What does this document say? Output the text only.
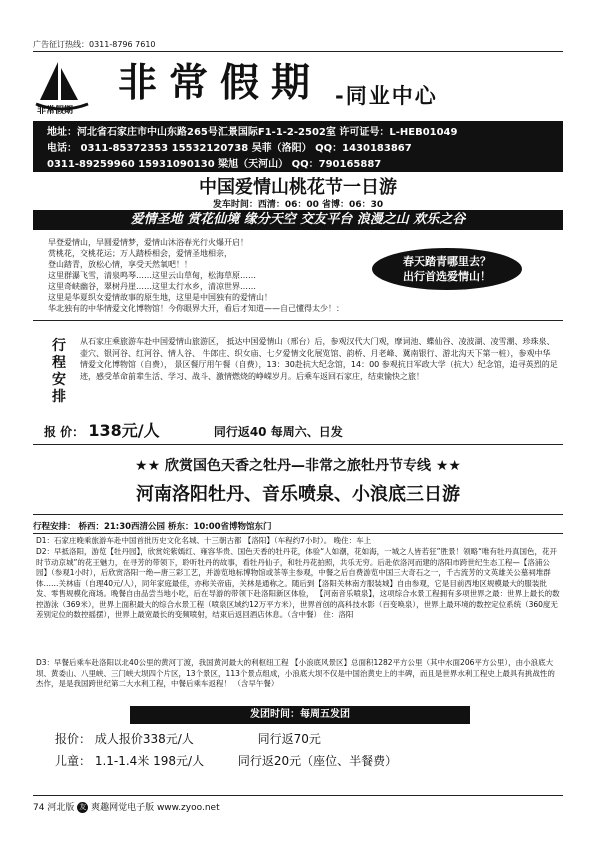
广告征订热线：0311-8796 7610
非常假期
非常假期 -同业中心
地址：河北省石家庄市中山东路265号汇景国际F1-1-2-2502室 许可证号：L-HEB01049
电话： 0311-85372353 15532120738 吴菲（洛阳） QQ：1430183867
0311-89259960 15931090130 梁旭（天河山） QQ：790165887
中国爱情山桃花节一日游
发车时间：西清：06：00 省博：06：30
爱情圣地 赏花仙境 缘分天空 交友平台 浪漫之山 欢乐之谷
早登爱情山，早圆爱情梦，爱情山沐浴春光行火爆开启！
赏桃花，交桃花运；万人踏桥相会，爱情圣地相亲，
登山踏青，放松心情，享受天然氧吧！！
这里群瀑飞雪，清泉鸣琴……这里云山草甸，松海草原……
这里奇峡幽谷，翠树丹崖……这里太行水乡，清凉世界……
这里是华夏织女爱情故事的原生地，这里是中国独有的爱情山！
华北独有的中华情爱文化博物馆！今你眼界大开，看后才知道——自己懂得太少！：
春天踏青哪里去？
出行首选爱情山！
行程安排
从石家庄乘旅游车赴中国爱情山旅游区， 抵达中国爱情山（邢台）后，参观汉代大门观，摩词池、蝶仙谷、凌波湖、凌雪潮、珍珠泉、壶穴、银河谷、红河谷、情人谷、 牛郎庄、织女庙、七夕爱情文化展览馆、韵桥、月老峰、冀南银行、游北沟天下第一桩），参观中华情爱文化博物馆（自费）， 景区餐厅用午餐（自费），13：30赴抗大纪念馆，14：00 参观抗日军政大学（抗大）纪念馆，追寻英烈的足迹，感受革命前辈生活、学习、战斗、激情燃烧的峥嵘岁月。后乘车返回石家庄，结束愉快之旅！
报 价： 138元/人	同行返40 每周六、日发
★★ 欣赏国色天香之牡丹—非常之旅牡丹节专线 ★★
河南洛阳牡丹、音乐喷泉、小浪底三日游
行程安排： 桥西：21:30西清公园 桥东：10:00省博物馆东门
D1：石家庄晚乘旅游车赴中国首批历史文化名城、十三朝古都 【洛阳】（车程约7小时）。 晚住：车上
D2：早抵洛阳，游览【牡丹园】，欣赏姹紫嫣红、雍容华贵、国色天香的牡丹花，体验“人如潮，花如海，一城之人皆若狂”胜景！领略“唯有牡丹真国色，花开时节动京城”的花王魅力，在寻芳的带领下，聆听牡丹的故事，看牡丹仙子，和牡丹花拍照，共乐无穷。后赴依洛河而建的洛阳市跨世纪生态工程—【洛浦公园】（参观1小时），后欣赏洛阳一绝—唐三彩工艺，并游览地标博物馆或茶等主参观，中餐之后自费游览中国三大奇石之一，千古流芳的文英雄关公墓祠堆群体……关林庙（自理40元/人），同年家庭最佳，亦称关帝庙，关林是通称之。随后到【洛阳关林南方服装城】自由参观，它是目前西地区规模最大的服装批发、零售规模化商场。晚餐自由品尝当地小吃，后在导游的带领下赴洛阳新区体验， 【河南音乐喷泉】，这项综合水景工程拥有多项世界之最：世界上最长的数控游泳（369米），世界上面积最大的综合水景工程（喷泉区域约12万平方米），世界首创的高科技水影（百变唤泉），世界上最环境的数控定位系统（360度无差别定位的数控摇摆），世界上最宽最长的变频喷射，结束后返回酒店休息。（含中餐） 住：洛阳
D3：早餐后乘车赴洛阳以北40公里的黄河丁渡，我国黄河最大的利枢纽工程 【小浪底风景区】总面积1282平方公里（其中水面206平方公里），由小浪底大坝、黄委山、八里峡、三门峡大坝四个片区，13个景区，113个景点组成，小浪底大坝不仅是中国治黄史上的丰碑，而且是世界水利工程史上最具有挑战性的杰作，是是我国跨世纪第二大水利工程，中餐后乘车返程！ （含早午餐）
发团时间：每周五发团
报价： 成人报价338元/人	同行返70元
儿童： 1.1-1.4米 198元/人	同行返20元（座位、半餐费）
74 河北版 友 爽趣网觉电子版 www.zyoo.net
